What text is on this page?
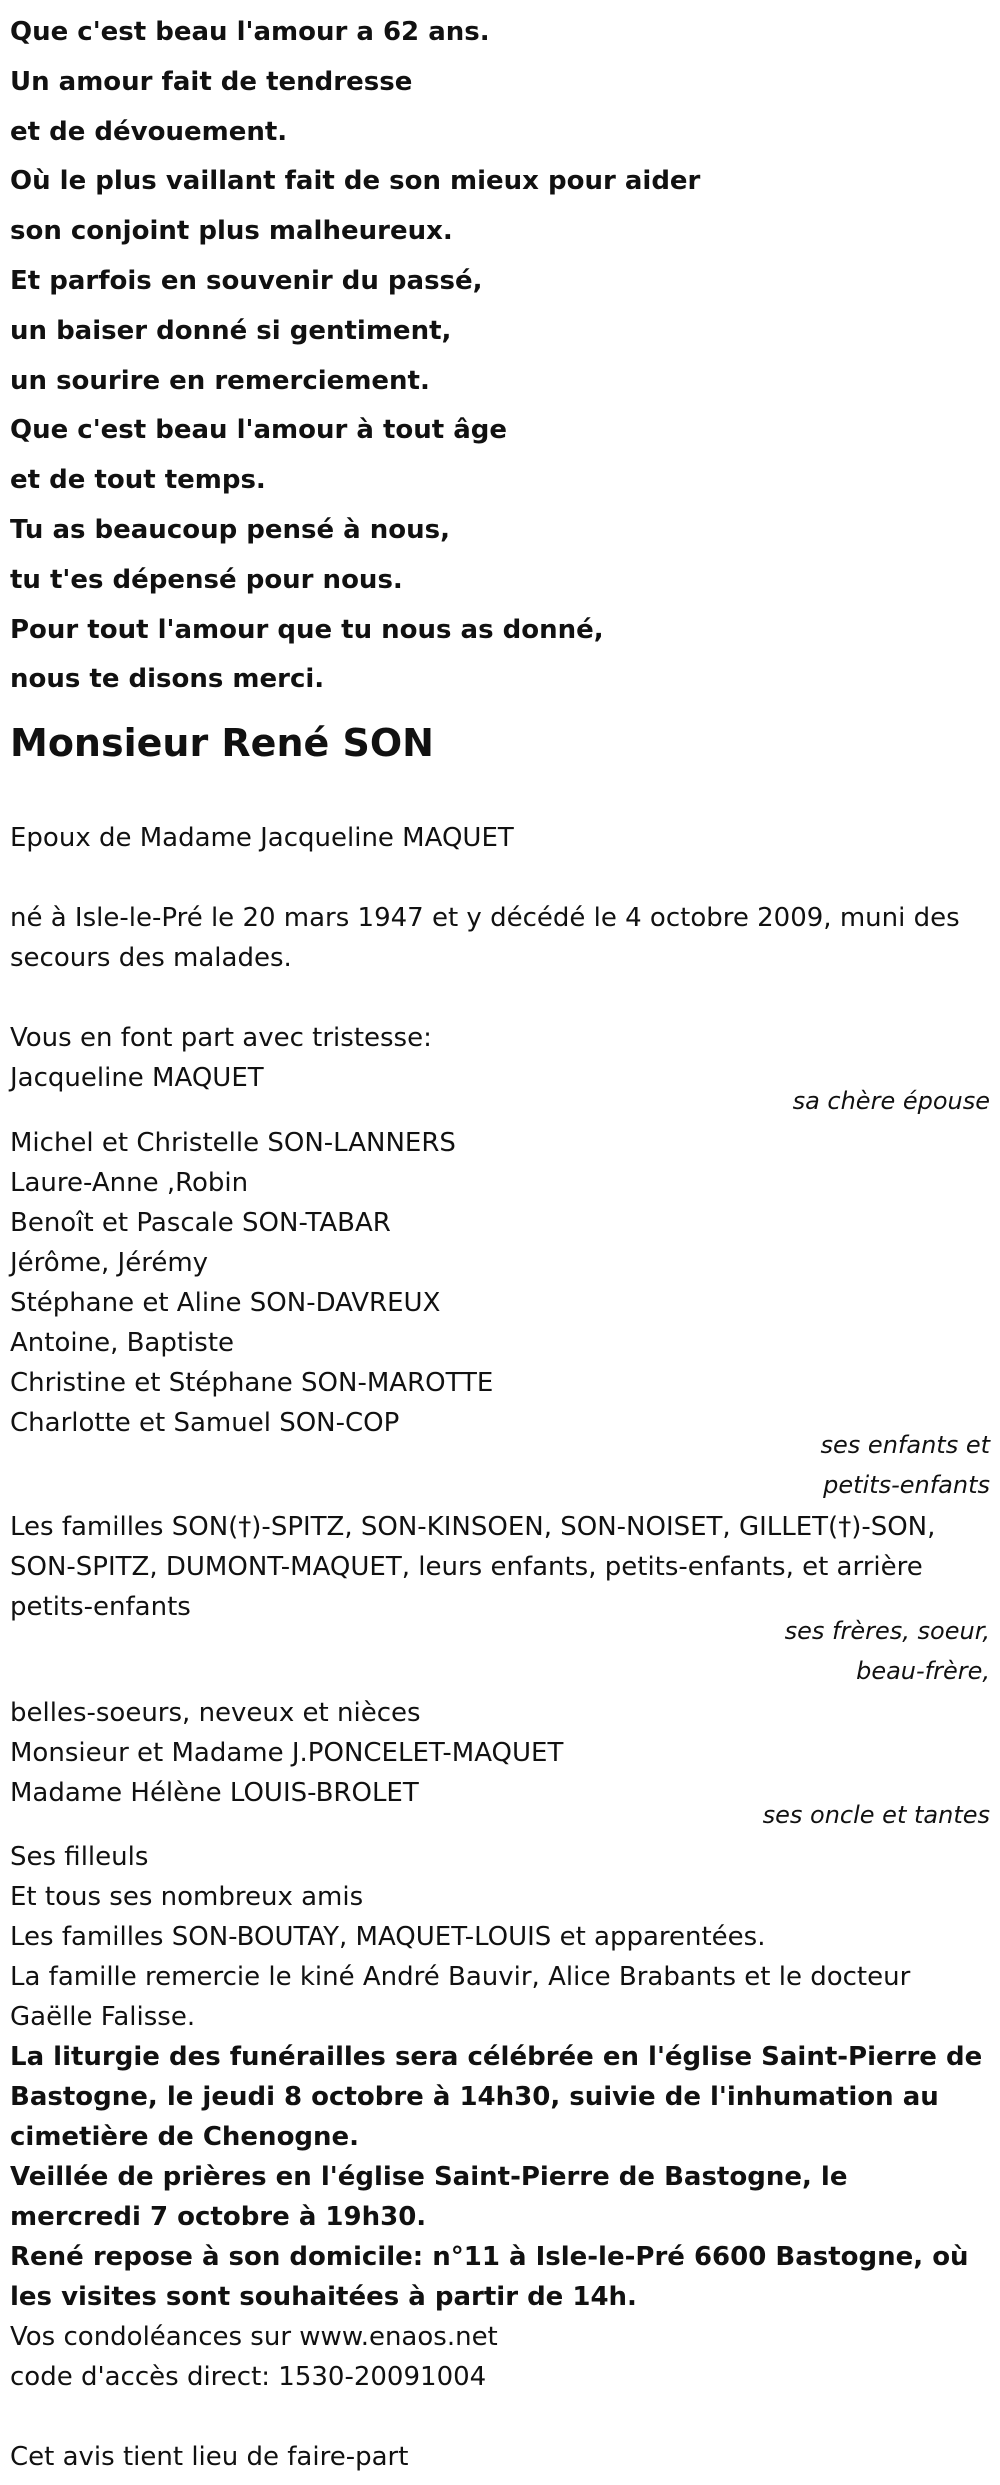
Que c'est beau l'amour a 62 ans.
Un amour fait de tendresse
et de dévouement.
Où le plus vaillant fait de son mieux pour aider
son conjoint plus malheureux.
Et parfois en souvenir du passé,
un baiser donné si gentiment,
un sourire en remerciement.
Que c'est beau l'amour à tout âge
et de tout temps.
Tu as beaucoup pensé à nous,
tu t'es dépensé pour nous.
Pour tout l'amour que tu nous as donné,
nous te disons merci.
Monsieur René SON
Epoux de Madame Jacqueline MAQUET
né à Isle-le-Pré le 20 mars 1947 et y décédé le 4 octobre 2009, muni des secours des malades.
Vous en font part avec tristesse:
Jacqueline MAQUET
sa chère épouse
Michel et Christelle SON-LANNERS
Laure-Anne ,Robin
Benoît et Pascale SON-TABAR
Jérôme, Jérémy
Stéphane et Aline SON-DAVREUX
Antoine, Baptiste
Christine et Stéphane SON-MAROTTE
Charlotte et Samuel SON-COP
ses enfants et
petits-enfants
Les familles SON(†)-SPITZ, SON-KINSOEN, SON-NOISET, GILLET(†)-SON, SON-SPITZ, DUMONT-MAQUET, leurs enfants, petits-enfants, et arrière petits-enfants
ses frères, soeur,
beau-frère,
belles-soeurs, neveux et nièces
Monsieur et Madame J.PONCELET-MAQUET
Madame Hélène LOUIS-BROLET
ses oncle et tantes
Ses filleuls
Et tous ses nombreux amis
Les familles SON-BOUTAY, MAQUET-LOUIS et apparentées.
La famille remercie le kiné André Bauvir, Alice Brabants et le docteur Gaëlle Falisse.
La liturgie des funérailles sera célébrée en l'église Saint-Pierre de Bastogne, le jeudi 8 octobre à 14h30, suivie de l'inhumation au cimetière de Chenogne.
Veillée de prières en l'église Saint-Pierre de Bastogne, le mercredi 7 octobre à 19h30.
René repose à son domicile: n°11 à Isle-le-Pré 6600 Bastogne, où les visites sont souhaitées à partir de 14h.
Vos condoléances sur www.enaos.net
code d'accès direct: 1530-20091004
Cet avis tient lieu de faire-part
